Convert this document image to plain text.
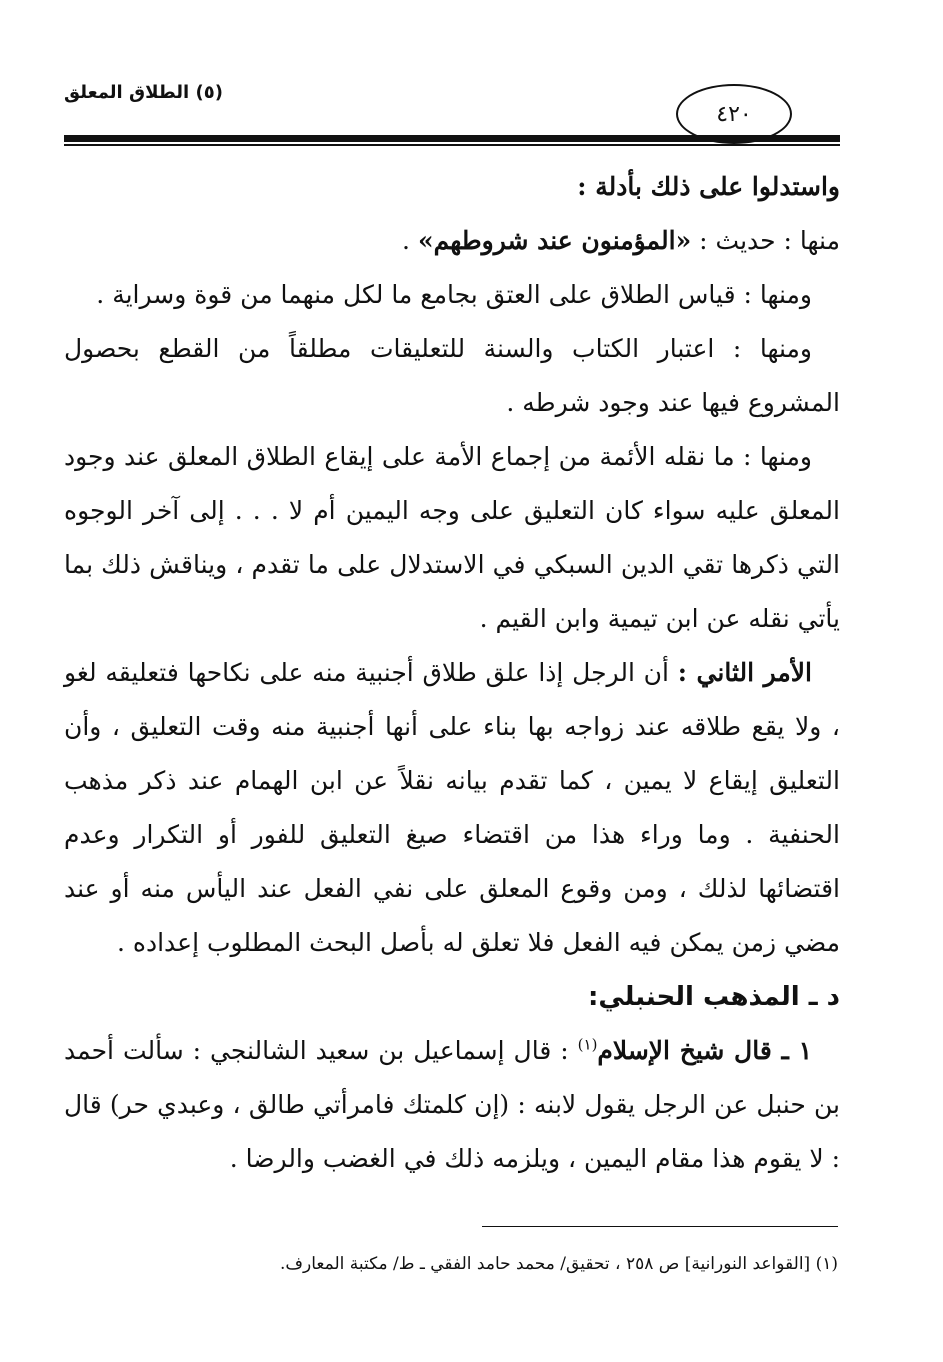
(٥) الطلاق المعلق
٤٢٠

واستدلوا على ذلك بأدلة :

منها : حديث : «المؤمنون عند شروطهم» .

ومنها : قياس الطلاق على العتق بجامع ما لكل منهما من قوة وسراية .

ومنها : اعتبار الكتاب والسنة للتعليقات مطلقاً من القطع بحصول المشروع فيها عند وجود شرطه .

ومنها : ما نقله الأئمة من إجماع الأمة على إيقاع الطلاق المعلق عند وجود المعلق عليه سواء كان التعليق على وجه اليمين أم لا . . . إلى آخر الوجوه التي ذكرها تقي الدين السبكي في الاستدلال على ما تقدم ، ويناقش ذلك بما يأتي نقله عن ابن تيمية وابن القيم .

الأمر الثاني : أن الرجل إذا علق طلاق أجنبية منه على نكاحها فتعليقه لغو ، ولا يقع طلاقه عند زواجه بها بناء على أنها أجنبية منه وقت التعليق ، وأن التعليق إيقاع لا يمين ، كما تقدم بيانه نقلاً عن ابن الهمام عند ذكر مذهب الحنفية . وما وراء هذا من اقتضاء صيغ التعليق للفور أو التكرار وعدم اقتضائها لذلك ، ومن وقوع المعلق على نفي الفعل عند اليأس منه أو عند مضي زمن يمكن فيه الفعل فلا تعلق له بأصل البحث المطلوب إعداده .

د ـ المذهب الحنبلي:

١ ـ قال شيخ الإسلام$^{(١)}$ : قال إسماعيل بن سعيد الشالنجي : سألت أحمد بن حنبل عن الرجل يقول لابنه : (إن كلمتك فامرأتي طالق ، وعبدي حر) قال : لا يقوم هذا مقام اليمين ، ويلزمه ذلك في الغضب والرضا .

(١) [القواعد النورانية] ص ٢٥٨ ، تحقيق/ محمد حامد الفقي ـ ط/ مكتبة المعارف.
